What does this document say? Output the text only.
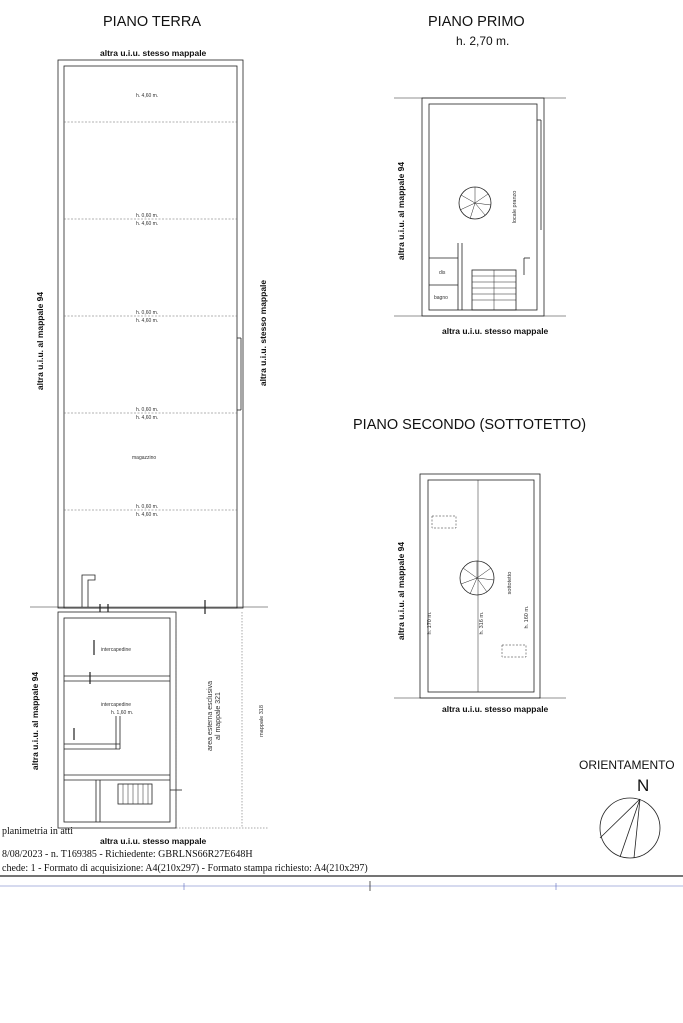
PIANO TERRA
altra u.i.u. stesso mappale
altra u.i.u. al mappale 94	altra u.i.u. stesso mappale
altra u.i.u. al mappale 94
altra u.i.u. stesso mappale
h. 4,60 m.
h. 0,60 m.
h. 4,60 m.
h. 0,60 m.
h. 4,60 m.
h. 0,60 m.
h. 4,60 m.
h. 0,60 m.
h. 4,60 m.
magazzino
intercapedine
intercapedine
h. 1,60 m.
area esterna esclusiva
al mappale 321
mappale 318
PIANO PRIMO
h. 2,70 m.
altra u.i.u. al mappale 94
altra u.i.u. stesso mappale
locale pranzo
dis
bagno
PIANO SECONDO (SOTTOTETTO)
altra u.i.u. al mappale 94
altra u.i.u. stesso mappale
sottotetto
h. 170 m.	h. 316 m.	h. 160 m.
ORIENTAMENTO
N
planimetria in atti
8/08/2023 - n. T169385 - Richiedente: GBRLNS66R27E648H
chede: 1 - Formato di acquisizione: A4(210x297) - Formato stampa richiesto: A4(210x297)
